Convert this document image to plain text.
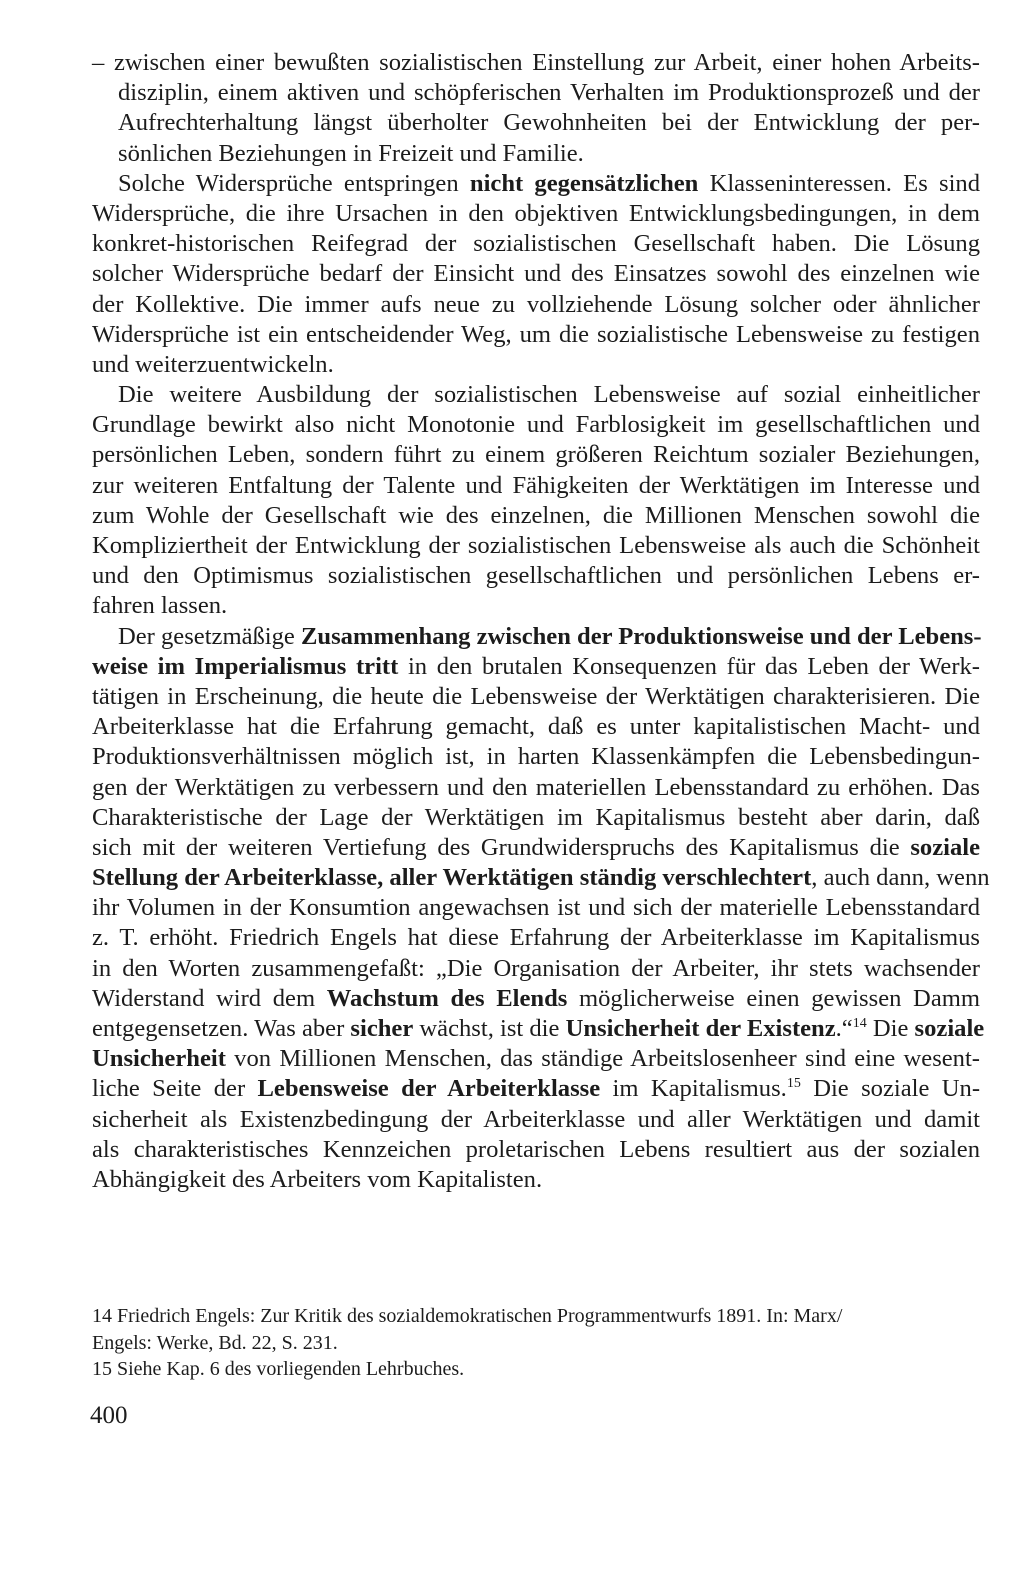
– zwischen einer bewußten sozialistischen Einstellung zur Arbeit, einer hohen Arbeits-
disziplin, einem aktiven und schöpferischen Verhalten im Produktionsprozeß und der
Aufrechterhaltung längst überholter Gewohnheiten bei der Entwicklung der per-
sönlichen Beziehungen in Freizeit und Familie.
Solche Widersprüche entspringen nicht gegensätzlichen Klasseninteressen. Es sind
Widersprüche, die ihre Ursachen in den objektiven Entwicklungsbedingungen, in dem
konkret-historischen Reifegrad der sozialistischen Gesellschaft haben. Die Lösung
solcher Widersprüche bedarf der Einsicht und des Einsatzes sowohl des einzelnen wie
der Kollektive. Die immer aufs neue zu vollziehende Lösung solcher oder ähnlicher
Widersprüche ist ein entscheidender Weg, um die sozialistische Lebensweise zu festigen
und weiterzuentwickeln.
Die weitere Ausbildung der sozialistischen Lebensweise auf sozial einheitlicher
Grundlage bewirkt also nicht Monotonie und Farblosigkeit im gesellschaftlichen und
persönlichen Leben, sondern führt zu einem größeren Reichtum sozialer Beziehungen,
zur weiteren Entfaltung der Talente und Fähigkeiten der Werktätigen im Interesse und
zum Wohle der Gesellschaft wie des einzelnen, die Millionen Menschen sowohl die
Kompliziertheit der Entwicklung der sozialistischen Lebensweise als auch die Schönheit
und den Optimismus sozialistischen gesellschaftlichen und persönlichen Lebens er-
fahren lassen.
Der gesetzmäßige Zusammenhang zwischen der Produktionsweise und der Lebens-
weise im Imperialismus tritt in den brutalen Konsequenzen für das Leben der Werk-
tätigen in Erscheinung, die heute die Lebensweise der Werktätigen charakterisieren. Die
Arbeiterklasse hat die Erfahrung gemacht, daß es unter kapitalistischen Macht- und
Produktionsverhältnissen möglich ist, in harten Klassenkämpfen die Lebensbedingun-
gen der Werktätigen zu verbessern und den materiellen Lebensstandard zu erhöhen. Das
Charakteristische der Lage der Werktätigen im Kapitalismus besteht aber darin, daß
sich mit der weiteren Vertiefung des Grundwiderspruchs des Kapitalismus die soziale
Stellung der Arbeiterklasse, aller Werktätigen ständig verschlechtert, auch dann, wenn
ihr Volumen in der Konsumtion angewachsen ist und sich der materielle Lebensstandard
z. T. erhöht. Friedrich Engels hat diese Erfahrung der Arbeiterklasse im Kapitalismus
in den Worten zusammengefaßt: „Die Organisation der Arbeiter, ihr stets wachsender
Widerstand wird dem Wachstum des Elends möglicherweise einen gewissen Damm
entgegensetzen. Was aber sicher wächst, ist die Unsicherheit der Existenz.“$^{14}$ Die soziale
Unsicherheit von Millionen Menschen, das ständige Arbeitslosenheer sind eine wesent-
liche Seite der Lebensweise der Arbeiterklasse im Kapitalismus.$^{15}$ Die soziale Un-
sicherheit als Existenzbedingung der Arbeiterklasse und aller Werktätigen und damit
als charakteristisches Kennzeichen proletarischen Lebens resultiert aus der sozialen
Abhängigkeit des Arbeiters vom Kapitalisten.
14 Friedrich Engels: Zur Kritik des sozialdemokratischen Programmentwurfs 1891. In: Marx/
Engels: Werke, Bd. 22, S. 231.
15 Siehe Kap. 6 des vorliegenden Lehrbuches.
400
